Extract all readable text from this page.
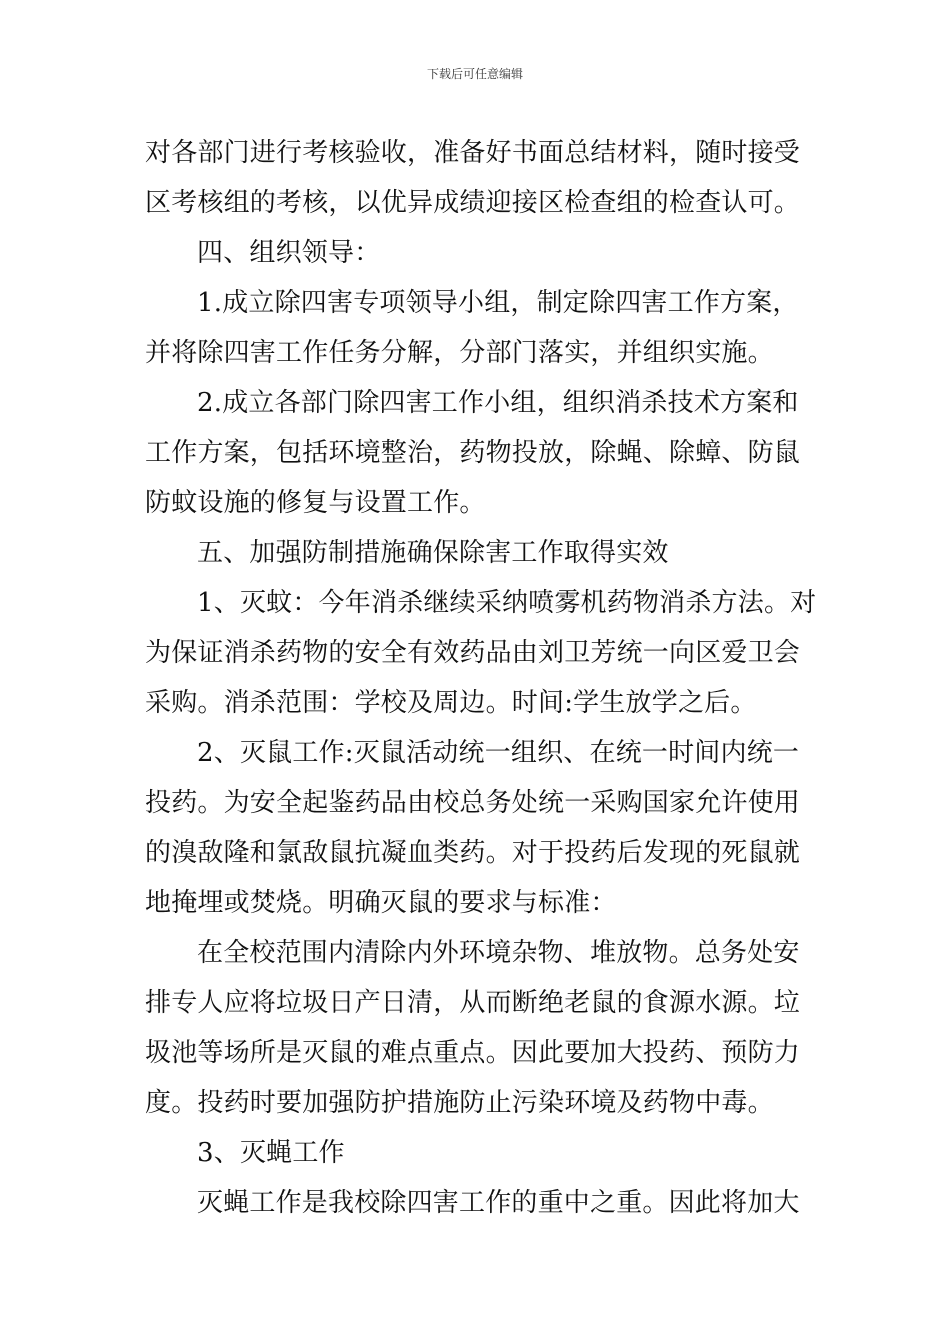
下载后可任意编辑
对各部门进行考核验收，准备好书面总结材料，随时接受
区考核组的考核，以优异成绩迎接区检查组的检查认可。
四、组织领导：
1.成立除四害专项领导小组，制定除四害工作方案，
并将除四害工作任务分解，分部门落实，并组织实施。
2.成立各部门除四害工作小组，组织消杀技术方案和
工作方案，包括环境整治，药物投放，除蝇、除蟑、防鼠
防蚊设施的修复与设置工作。
五、加强防制措施确保除害工作取得实效
1、灭蚊：今年消杀继续采纳喷雾机药物消杀方法。对
为保证消杀药物的安全有效药品由刘卫芳统一向区爱卫会
采购。消杀范围：学校及周边。时间:学生放学之后。
2、灭鼠工作:灭鼠活动统一组织、在统一时间内统一
投药。为安全起鉴药品由校总务处统一采购国家允许使用
的溴敌隆和氯敌鼠抗凝血类药。对于投药后发现的死鼠就
地掩埋或焚烧。明确灭鼠的要求与标准：
在全校范围内清除内外环境杂物、堆放物。总务处安
排专人应将垃圾日产日清，从而断绝老鼠的食源水源。垃
圾池等场所是灭鼠的难点重点。因此要加大投药、预防力
度。投药时要加强防护措施防止污染环境及药物中毒。
3、灭蝇工作
灭蝇工作是我校除四害工作的重中之重。因此将加大
